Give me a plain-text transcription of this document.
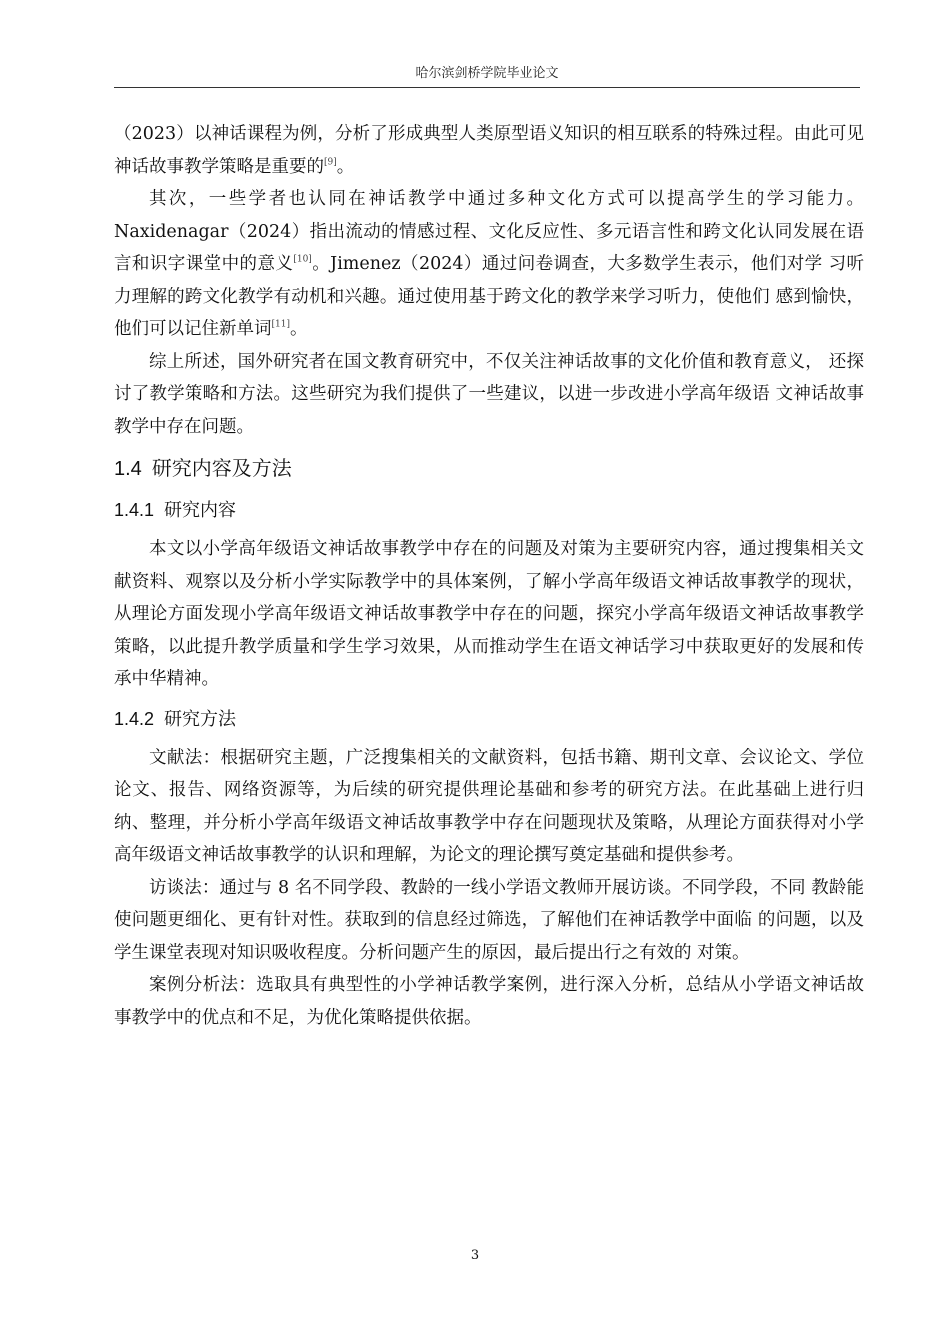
哈尔滨剑桥学院毕业论文

（2023）以神话课程为例，分析了形成典型人类原型语义知识的相互联系的特殊过程。由此可见神话故事教学策略是重要的[9]。

其次，一些学者也认同在神话教学中通过多种文化方式可以提高学生的学习能力。Naxidenagar（2024）指出流动的情感过程、文化反应性、多元语言性和跨文化认同发展在语言和识字课堂中的意义[10]。Jimenez（2024）通过问卷调查，大多数学生表示，他们对学 习听力理解的跨文化教学有动机和兴趣。通过使用基于跨文化的教学来学习听力，使他们 感到愉快，他们可以记住新单词[11]。

综上所述，国外研究者在国文教育研究中，不仅关注神话故事的文化价值和教育意义， 还探讨了教学策略和方法。这些研究为我们提供了一些建议，以进一步改进小学高年级语 文神话故事教学中存在问题。

1.4 研究内容及方法
1.4.1 研究内容

本文以小学高年级语文神话故事教学中存在的问题及对策为主要研究内容，通过搜集相关文献资料、观察以及分析小学实际教学中的具体案例，了解小学高年级语文神话故事教学的现状，从理论方面发现小学高年级语文神话故事教学中存在的问题，探究小学高年级语文神话故事教学策略，以此提升教学质量和学生学习效果，从而推动学生在语文神话学习中获取更好的发展和传承中华精神。

1.4.2 研究方法

文献法：根据研究主题，广泛搜集相关的文献资料，包括书籍、期刊文章、会议论文、学位论文、报告、网络资源等，为后续的研究提供理论基础和参考的研究方法。在此基础上进行归纳、整理，并分析小学高年级语文神话故事教学中存在问题现状及策略，从理论方面获得对小学高年级语文神话故事教学的认识和理解，为论文的理论撰写奠定基础和提供参考。

访谈法：通过与 8 名不同学段、教龄的一线小学语文教师开展访谈。不同学段，不同 教龄能使问题更细化、更有针对性。获取到的信息经过筛选，了解他们在神话教学中面临 的问题，以及学生课堂表现对知识吸收程度。分析问题产生的原因，最后提出行之有效的 对策。

案例分析法：选取具有典型性的小学神话教学案例，进行深入分析，总结从小学语文神话故事教学中的优点和不足，为优化策略提供依据。

3
